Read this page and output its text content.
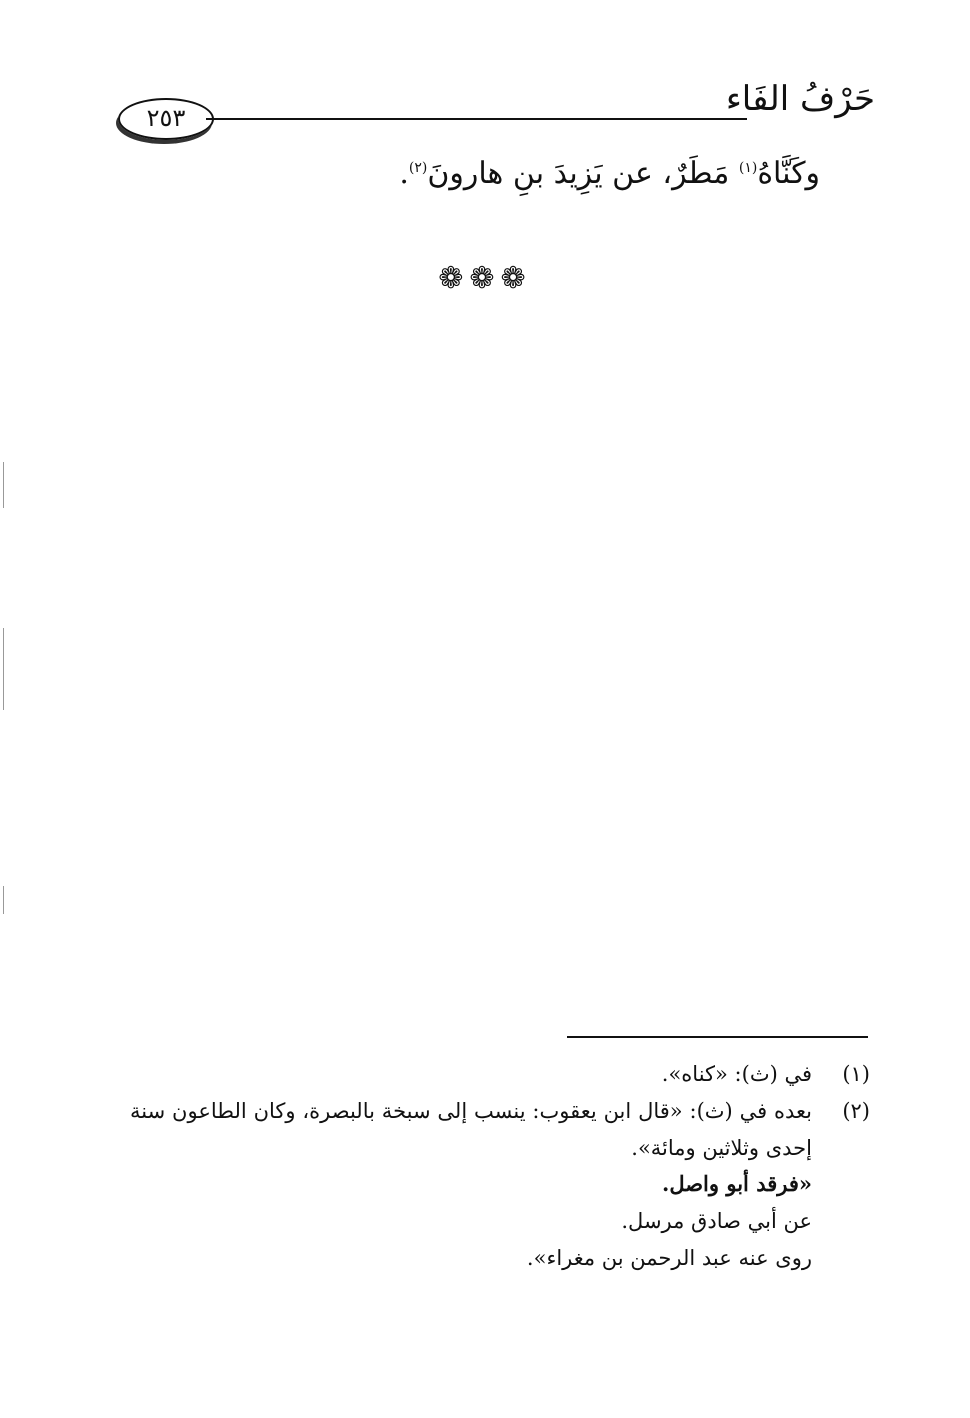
حَرْفُ الفَاء
٢٥٣
وكَنَّاهُ$^{(١)}$ مَطَرٌ، عن يَزِيدَ بنِ هارونَ$^{(٢)}$.
❁❁❁
(١)
في (ث): «كناه».
(٢)
بعده في (ث): «قال ابن يعقوب: ينسب إلى سبخة بالبصرة، وكان الطاعون سنة إحدى وثلاثين ومائة».
«فرقد أبو واصل.
عن أبي صادق مرسل.
روى عنه عبد الرحمن بن مغراء».
